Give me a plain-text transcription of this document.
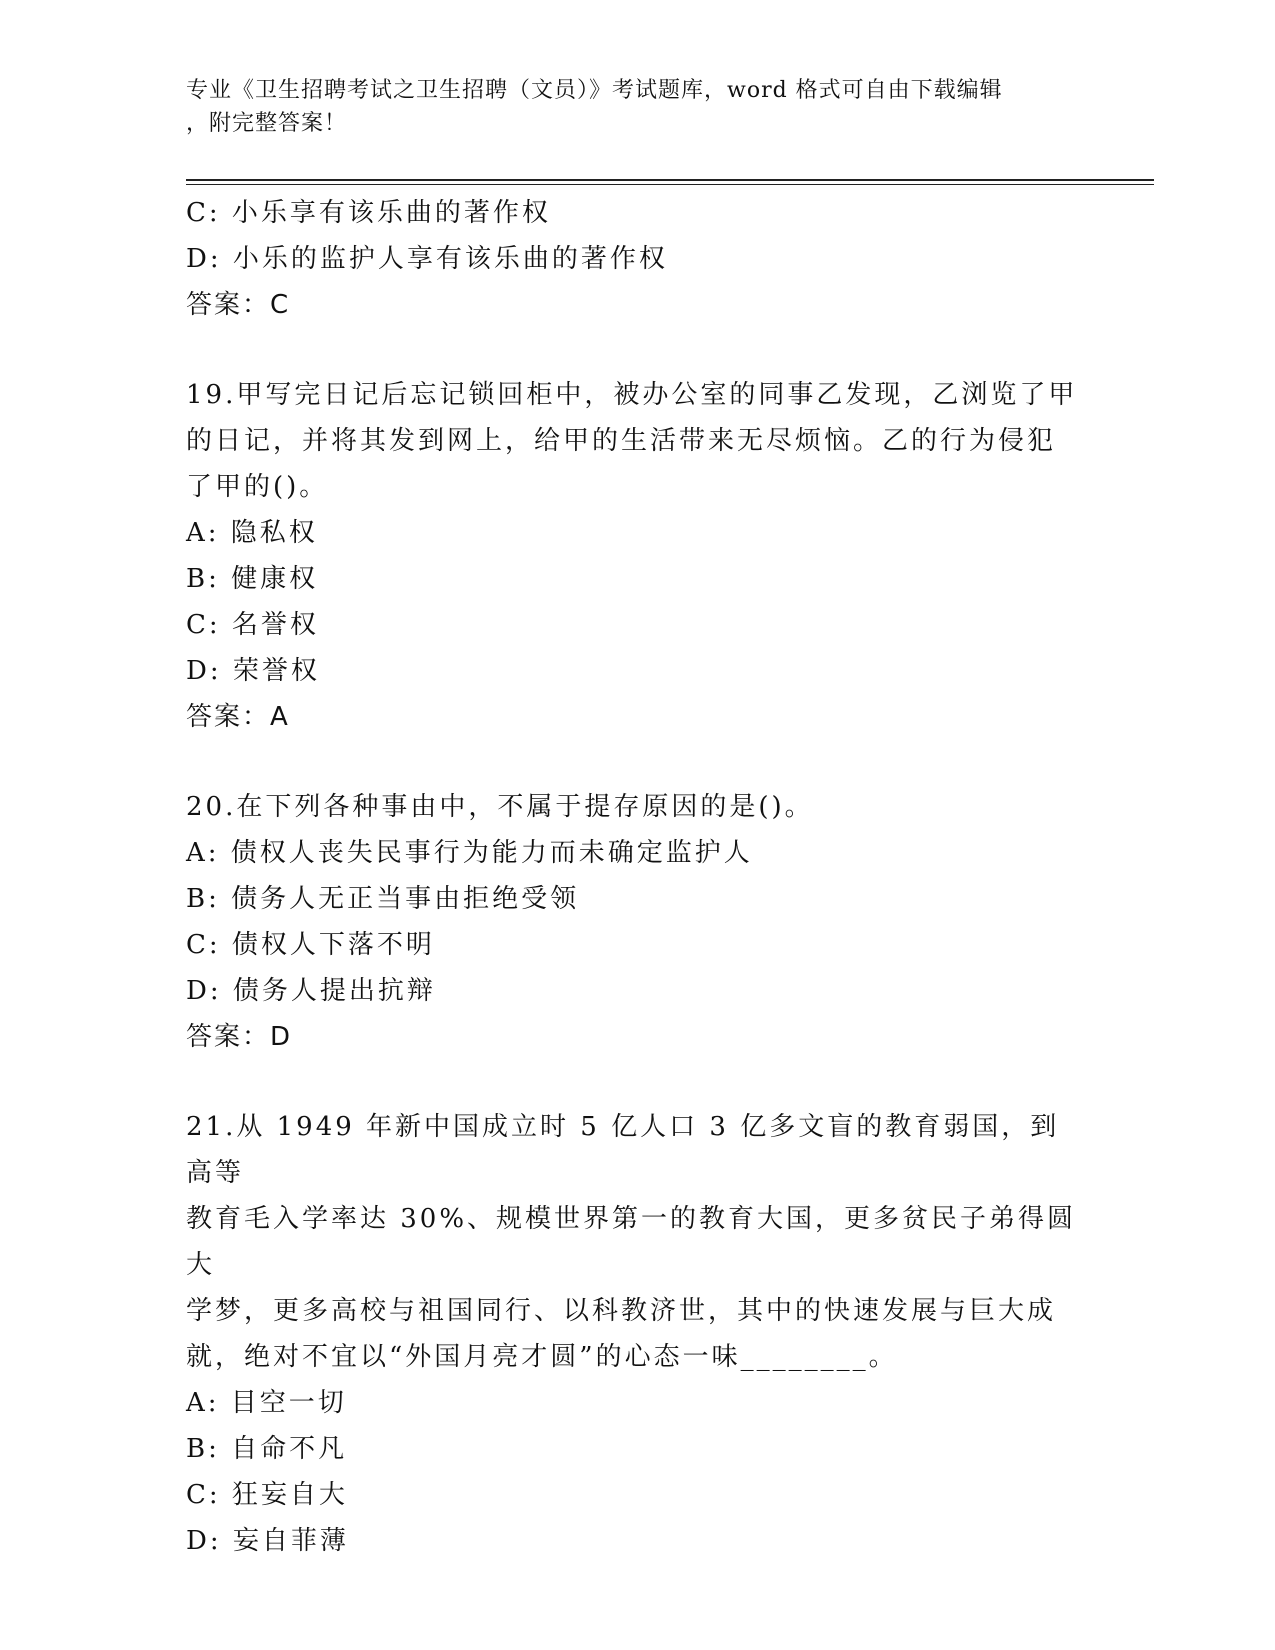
专业《卫生招聘考试之卫生招聘（文员）》考试题库，word 格式可自由下载编辑
，附完整答案！
C: 小乐享有该乐曲的著作权
D: 小乐的监护人享有该乐曲的著作权
答案：C
19.甲写完日记后忘记锁回柜中，被办公室的同事乙发现，乙浏览了甲
的日记，并将其发到网上，给甲的生活带来无尽烦恼。乙的行为侵犯
了甲的()。
A: 隐私权
B: 健康权
C: 名誉权
D: 荣誉权
答案：A
20.在下列各种事由中，不属于提存原因的是()。
A: 债权人丧失民事行为能力而未确定监护人
B: 债务人无正当事由拒绝受领
C: 债权人下落不明
D: 债务人提出抗辩
答案：D
21.从 1949 年新中国成立时 5 亿人口 3 亿多文盲的教育弱国，到高等
教育毛入学率达 30%、规模世界第一的教育大国，更多贫民子弟得圆大
学梦，更多高校与祖国同行、以科教济世，其中的快速发展与巨大成
就，绝对不宜以“外国月亮才圆”的心态一味________。
A: 目空一切
B: 自命不凡
C: 狂妄自大
D: 妄自菲薄
